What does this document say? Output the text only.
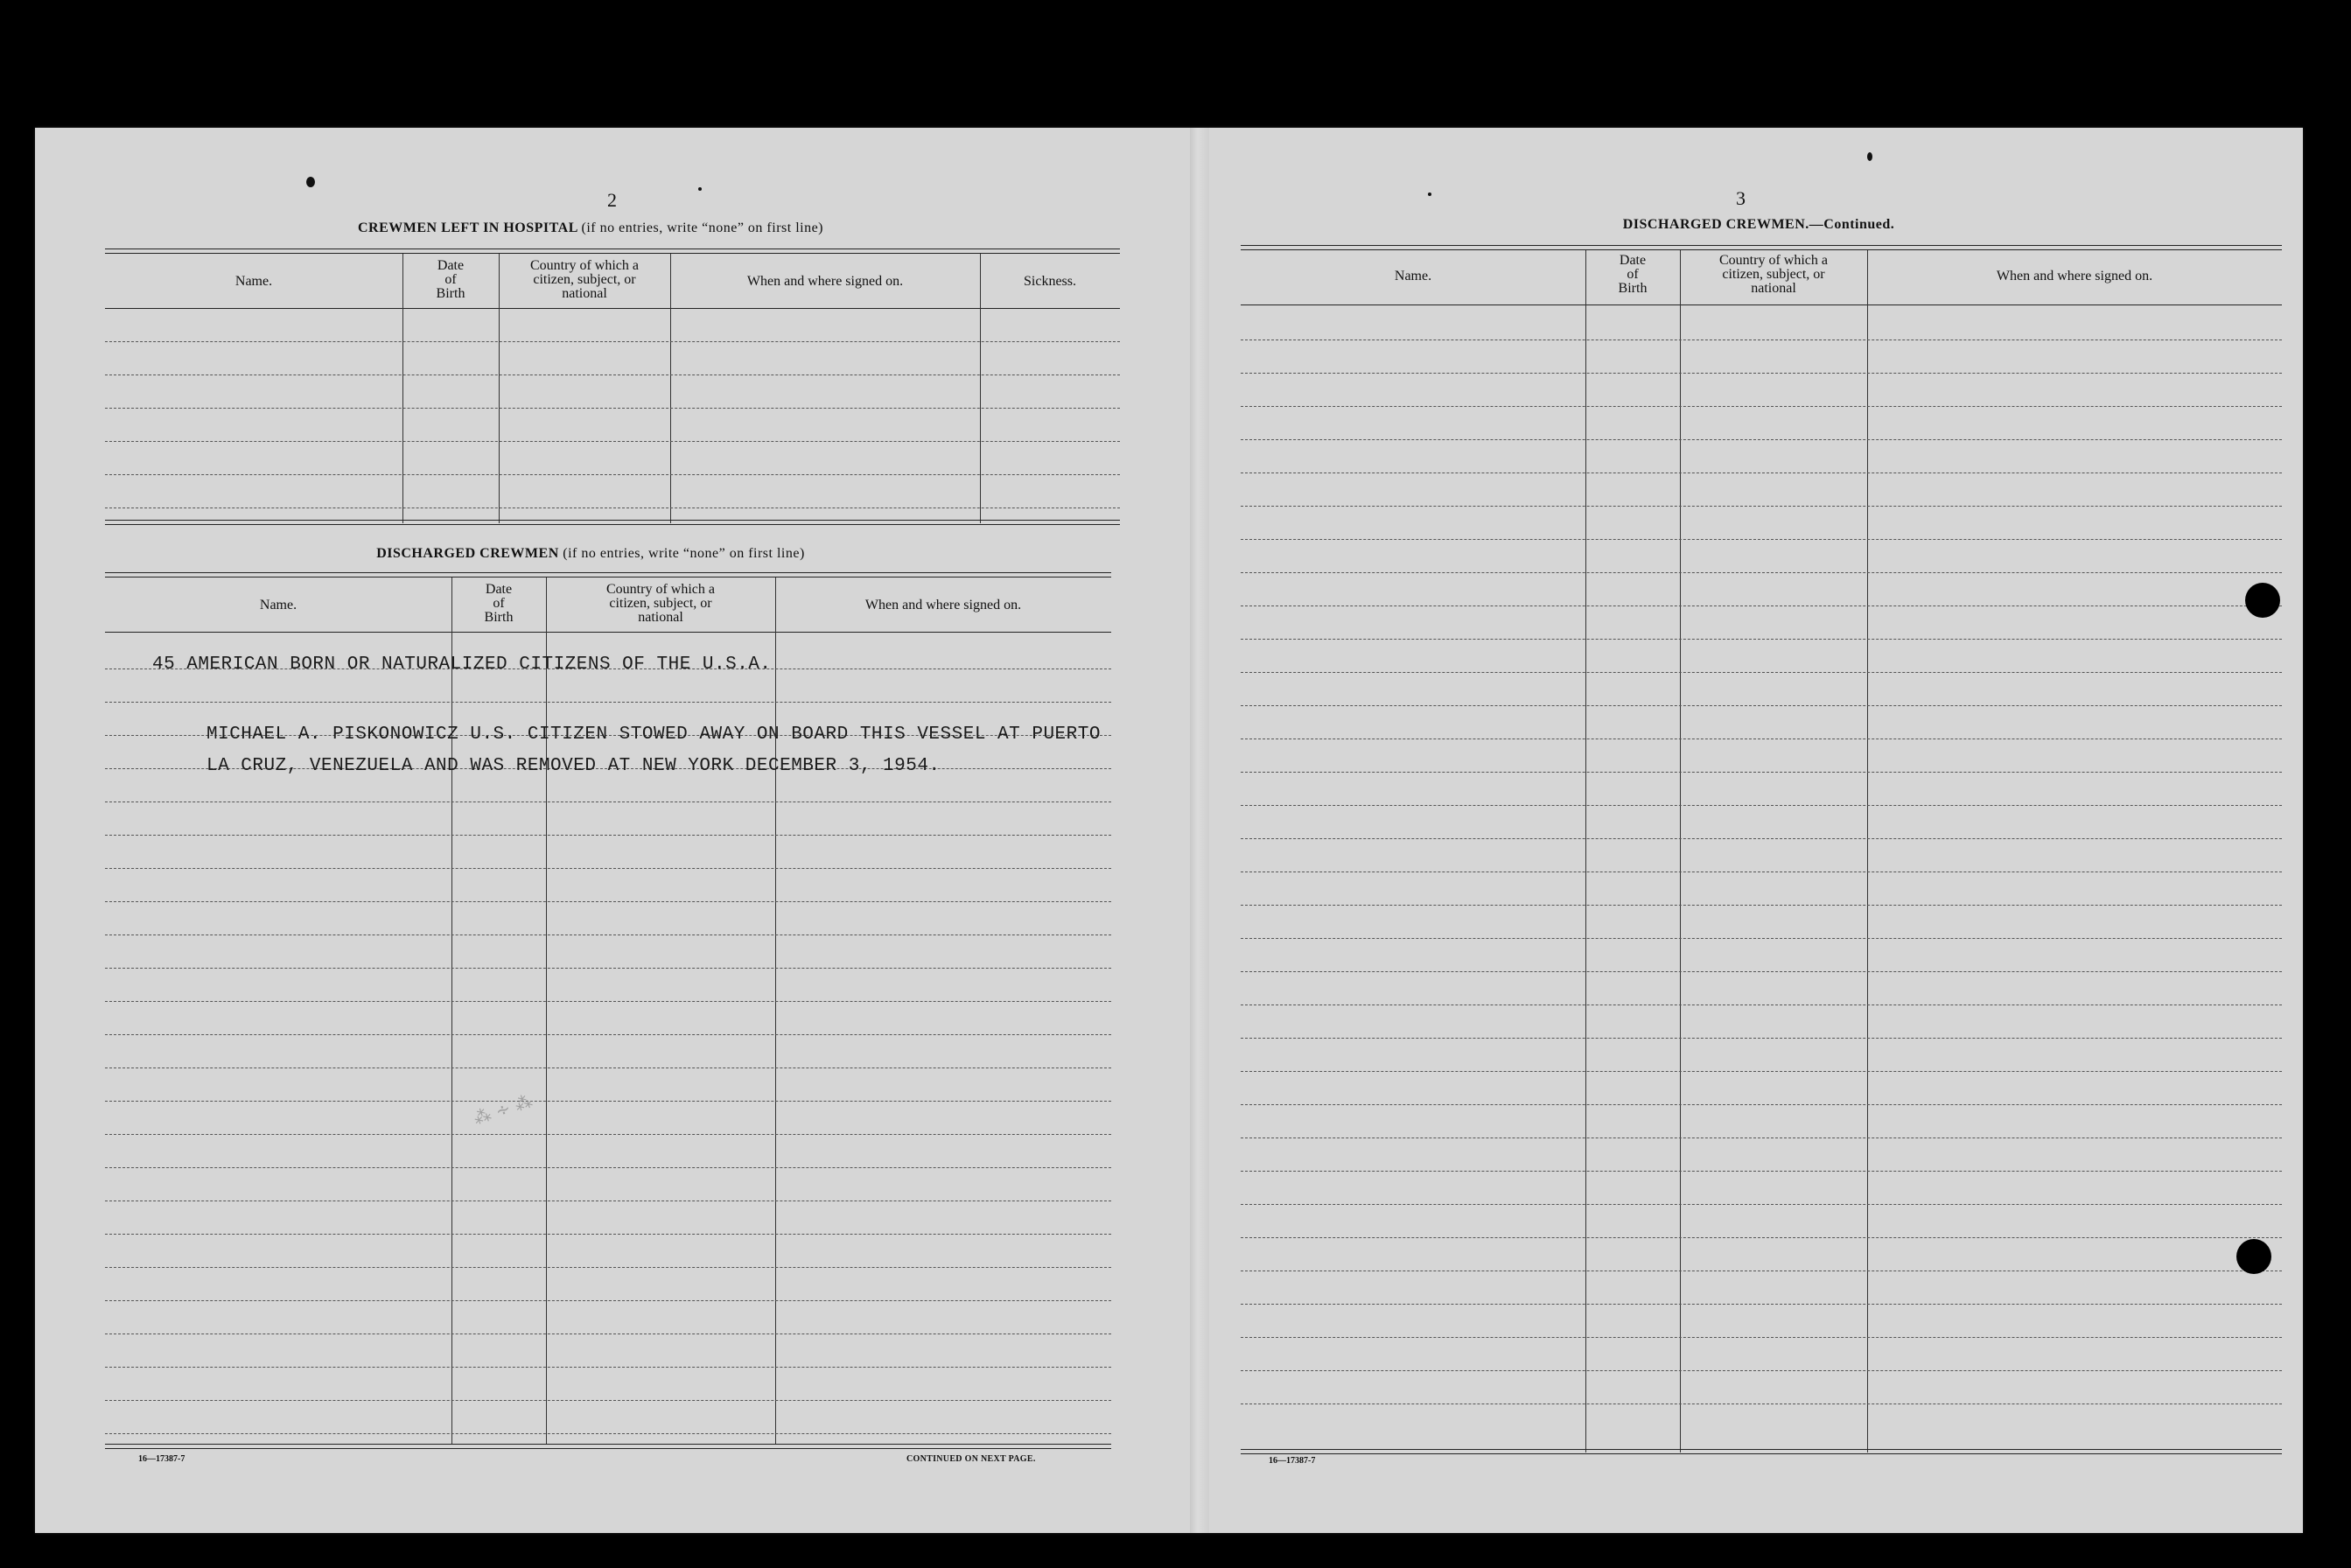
2
CREWMEN LEFT IN HOSPITAL (if no entries, write “none” on first line)
Name.
Date
of
Birth
Country of which a
citizen, subject, or
national
When and where signed on.	Sickness.
DISCHARGED CREWMEN (if no entries, write “none” on first line)
Name.
Date
of
Birth
Country of which a
citizen, subject, or
national
When and where signed on.
45 AMERICAN BORN OR NATURALIZED CITIZENS OF THE U.S.A.
MICHAEL A. PISKONOWICZ U.S. CITIZEN STOWED AWAY ON BOARD THIS VESSEL AT PUERTO
LA CRUZ, VENEZUELA AND WAS REMOVED AT NEW YORK DECEMBER 3, 1954.
⁂ ∻ ⁂
16—17387-7	CONTINUED ON NEXT PAGE.
3
DISCHARGED CREWMEN.—Continued.
Name.
Date
of
Birth
Country of which a
citizen, subject, or
national
When and where signed on.
16—17387-7
